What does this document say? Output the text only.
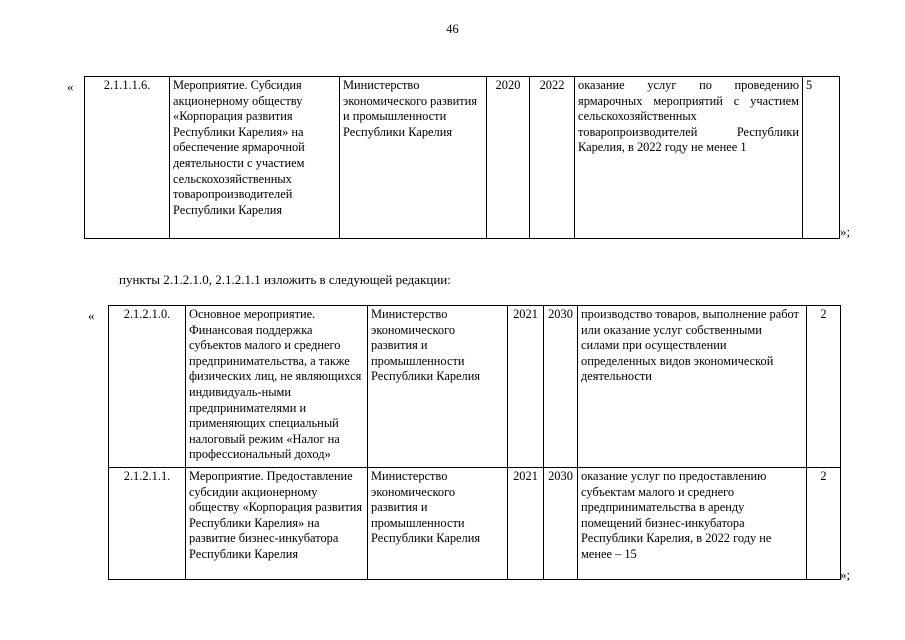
46
« 2.1.1.1.6.	Мероприятие. Субсидия акционерному обществу «Корпорация развития Республики Карелия» на обеспечение ярмарочной деятельности с участием сельскохозяйственных товаропроизводителей Республики Карелия	Министерство экономического развития и промышленности Республики Карелия	2020	2022	оказание услуг по проведению ярмарочных мероприятий с участием сельскохозяйственных товаропроизводителей Республики Карелия, в 2022 году не менее 1	5
»;
пункты 2.1.2.1.0, 2.1.2.1.1 изложить в следующей редакции:
« 2.1.2.1.0.	Основное мероприятие. Финансовая поддержка субъектов малого и среднего предпринимательства, а также физических лиц, не являющихся индивидуаль-ными предпринимателями и применяющих специальный налоговый режим «Налог на профессиональный доход»	Министерство экономического развития и промышленности Республики Карелия	2021	2030	производство товаров, выполнение работ или оказание услуг собственными силами при осуществлении определенных видов экономической деятельности	2
2.1.2.1.1.	Мероприятие. Предоставление субсидии акционерному обществу «Корпорация развития Республики Карелия» на развитие бизнес-инкубатора Республики Карелия	Министерство экономического развития и промышленности Республики Карелия	2021	2030	оказание услуг по предоставлению субъектам малого и среднего предпринимательства в аренду помещений бизнес-инкубатора Республики Карелия, в 2022 году не менее – 15	2
»;
